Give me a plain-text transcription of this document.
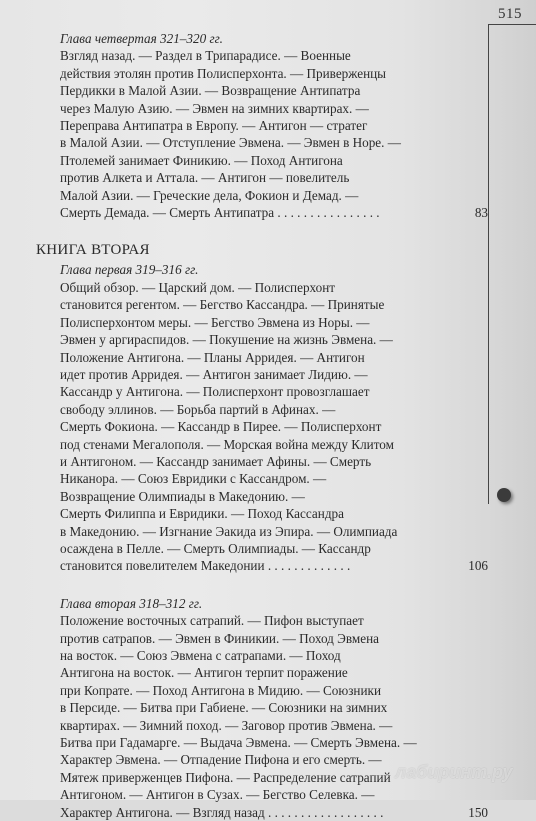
515
Глава четвертая 321–320 гг.
Взгляд назад. — Раздел в Трипарадисе. — Военные
действия этолян против Полисперхонта. — Приверженцы
Пердикки в Малой Азии. — Возвращение Антипатра
через Малую Азию. — Эвмен на зимних квартирах. —
Переправа Антипатра в Европу. — Антигон — стратег
в Малой Азии. — Отступление Эвмена. — Эвмен в Норе. —
Птолемей занимает Финикию. — Поход Антигона
против Алкета и Аттала. — Антигон — повелитель
Малой Азии. — Греческие дела, Фокион и Демад. —
Смерть Демада. — Смерть Антипатра . . . . . . . . . . . . . . . .	83
КНИГА ВТОРАЯ
Глава первая 319–316 гг.
Общий обзор. — Царский дом. — Полисперхонт
становится регентом. — Бегство Кассандра. — Принятые
Полисперхонтом меры. — Бегство Эвмена из Норы. —
Эвмен у аргираспидов. — Покушение на жизнь Эвмена. —
Положение Антигона. — Планы Арридея. — Антигон
идет против Арридея. — Антигон занимает Лидию. —
Кассандр у Антигона. — Полисперхонт провозглашает
свободу эллинов. — Борьба партий в Афинах. —
Смерть Фокиона. — Кассандр в Пирее. — Полисперхонт
под стенами Мегалополя. — Морская война между Клитом
и Антигоном. — Кассандр занимает Афины. — Смерть
Никанора. — Союз Евридики с Кассандром. —
Возвращение Олимпиады в Македонию. —
Смерть Филиппа и Евридики. — Поход Кассандра
в Македонию. — Изгнание Эакида из Эпира. — Олимпиада
осаждена в Пелле. — Смерть Олимпиады. — Кассандр
становится повелителем Македонии . . . . . . . . . . . . .	106
Глава вторая 318–312 гг.
Положение восточных сатрапий. — Пифон выступает
против сатрапов. — Эвмен в Финикии. — Поход Эвмена
на восток. — Союз Эвмена с сатрапами. — Поход
Антигона на восток. — Антигон терпит поражение
при Копрате. — Поход Антигона в Мидию. — Союзники
в Персиде. — Битва при Габиене. — Союзники на зимних
квартирах. — Зимний поход. — Заговор против Эвмена. —
Битва при Гадамарге. — Выдача Эвмена. — Смерть Эвмена. —
Характер Эвмена. — Отпадение Пифона и его смерть. —
Мятеж приверженцев Пифона. — Распределение сатрапий
Антигоном. — Антигон в Сузах. — Бегство Селевка. —
Характер Антигона. — Взгляд назад . . . . . . . . . . . . . . . . . .	150
лабиринт.ру
